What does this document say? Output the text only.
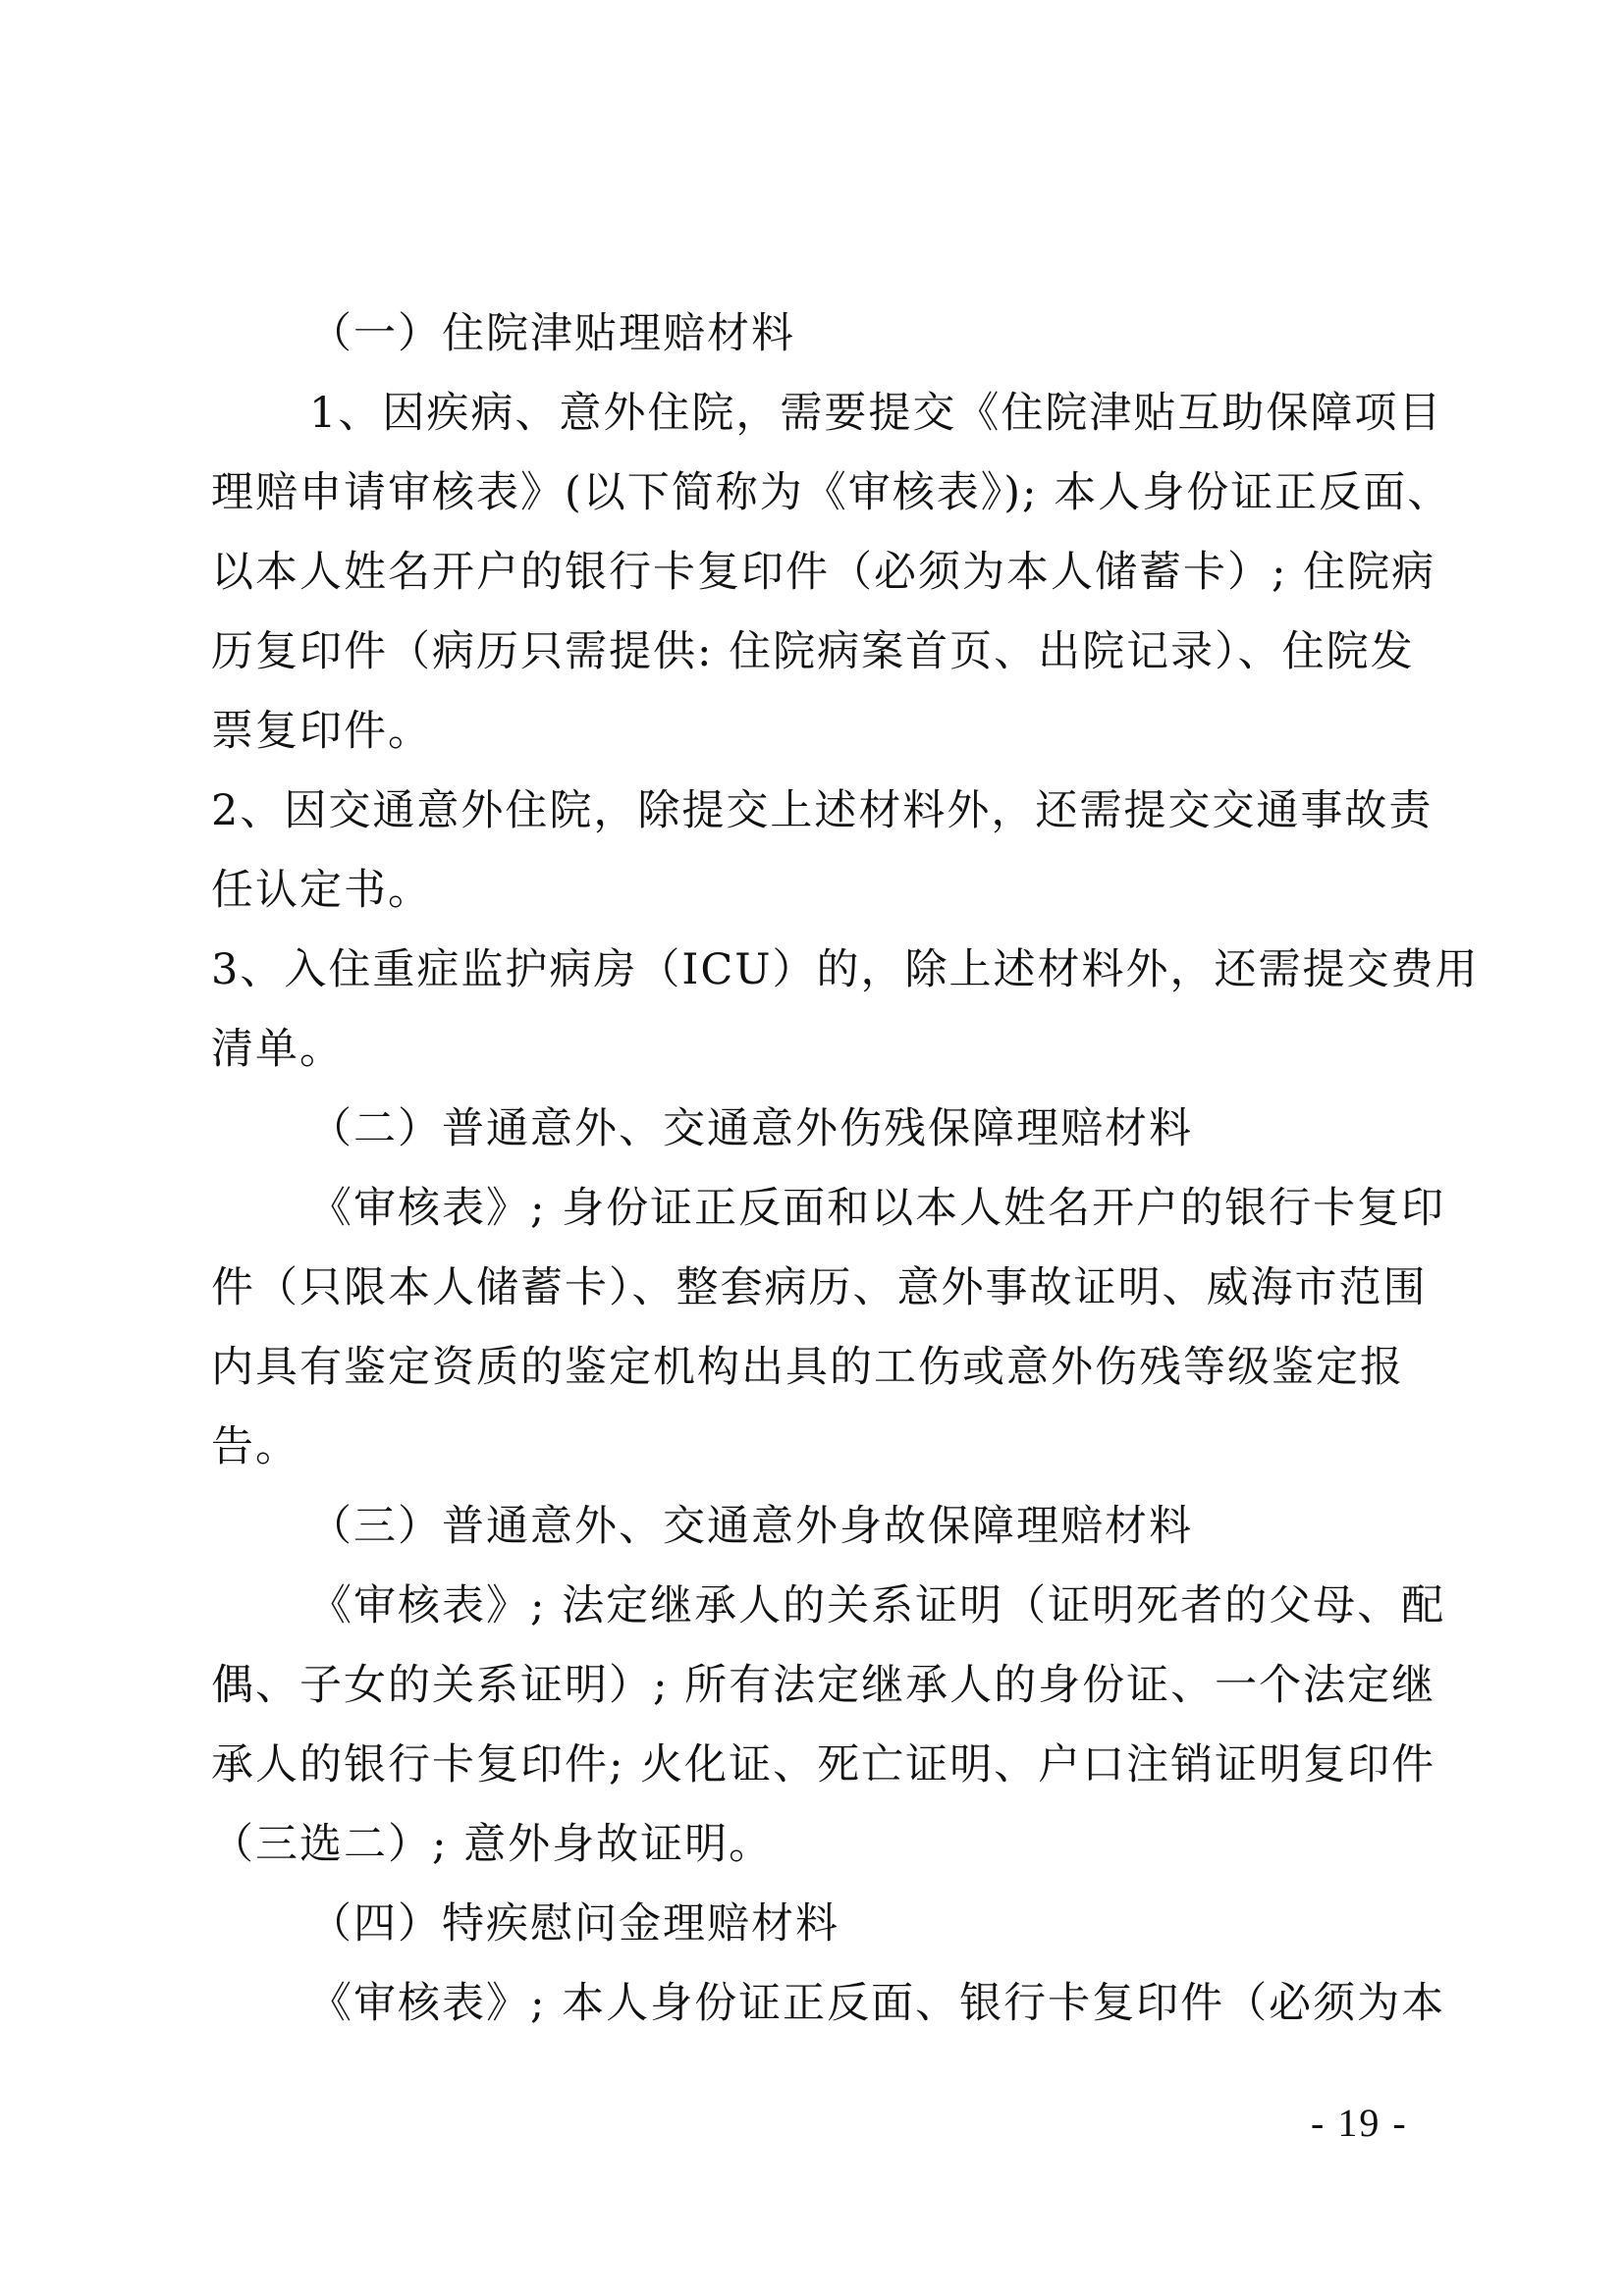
（一）住院津贴理赔材料
1、因疾病、意外住院，需要提交《住院津贴互助保障项目
理赔申请审核表》(以下简称为《审核表》); 本人身份证正反面、
以本人姓名开户的银行卡复印件（必须为本人储蓄卡）; 住院病
历复印件（病历只需提供: 住院病案首页、出院记录）、住院发
票复印件。
2、因交通意外住院，除提交上述材料外，还需提交交通事故责
任认定书。
3、入住重症监护病房（ICU）的，除上述材料外，还需提交费用
清单。
（二）普通意外、交通意外伤残保障理赔材料
《审核表》; 身份证正反面和以本人姓名开户的银行卡复印
件（只限本人储蓄卡）、整套病历、意外事故证明、威海市范围
内具有鉴定资质的鉴定机构出具的工伤或意外伤残等级鉴定报
告。
（三）普通意外、交通意外身故保障理赔材料
《审核表》; 法定继承人的关系证明（证明死者的父母、配
偶、子女的关系证明）; 所有法定继承人的身份证、一个法定继
承人的银行卡复印件; 火化证、死亡证明、户口注销证明复印件
（三选二）; 意外身故证明。
（四）特疾慰问金理赔材料
《审核表》; 本人身份证正反面、银行卡复印件（必须为本
- 19 -
